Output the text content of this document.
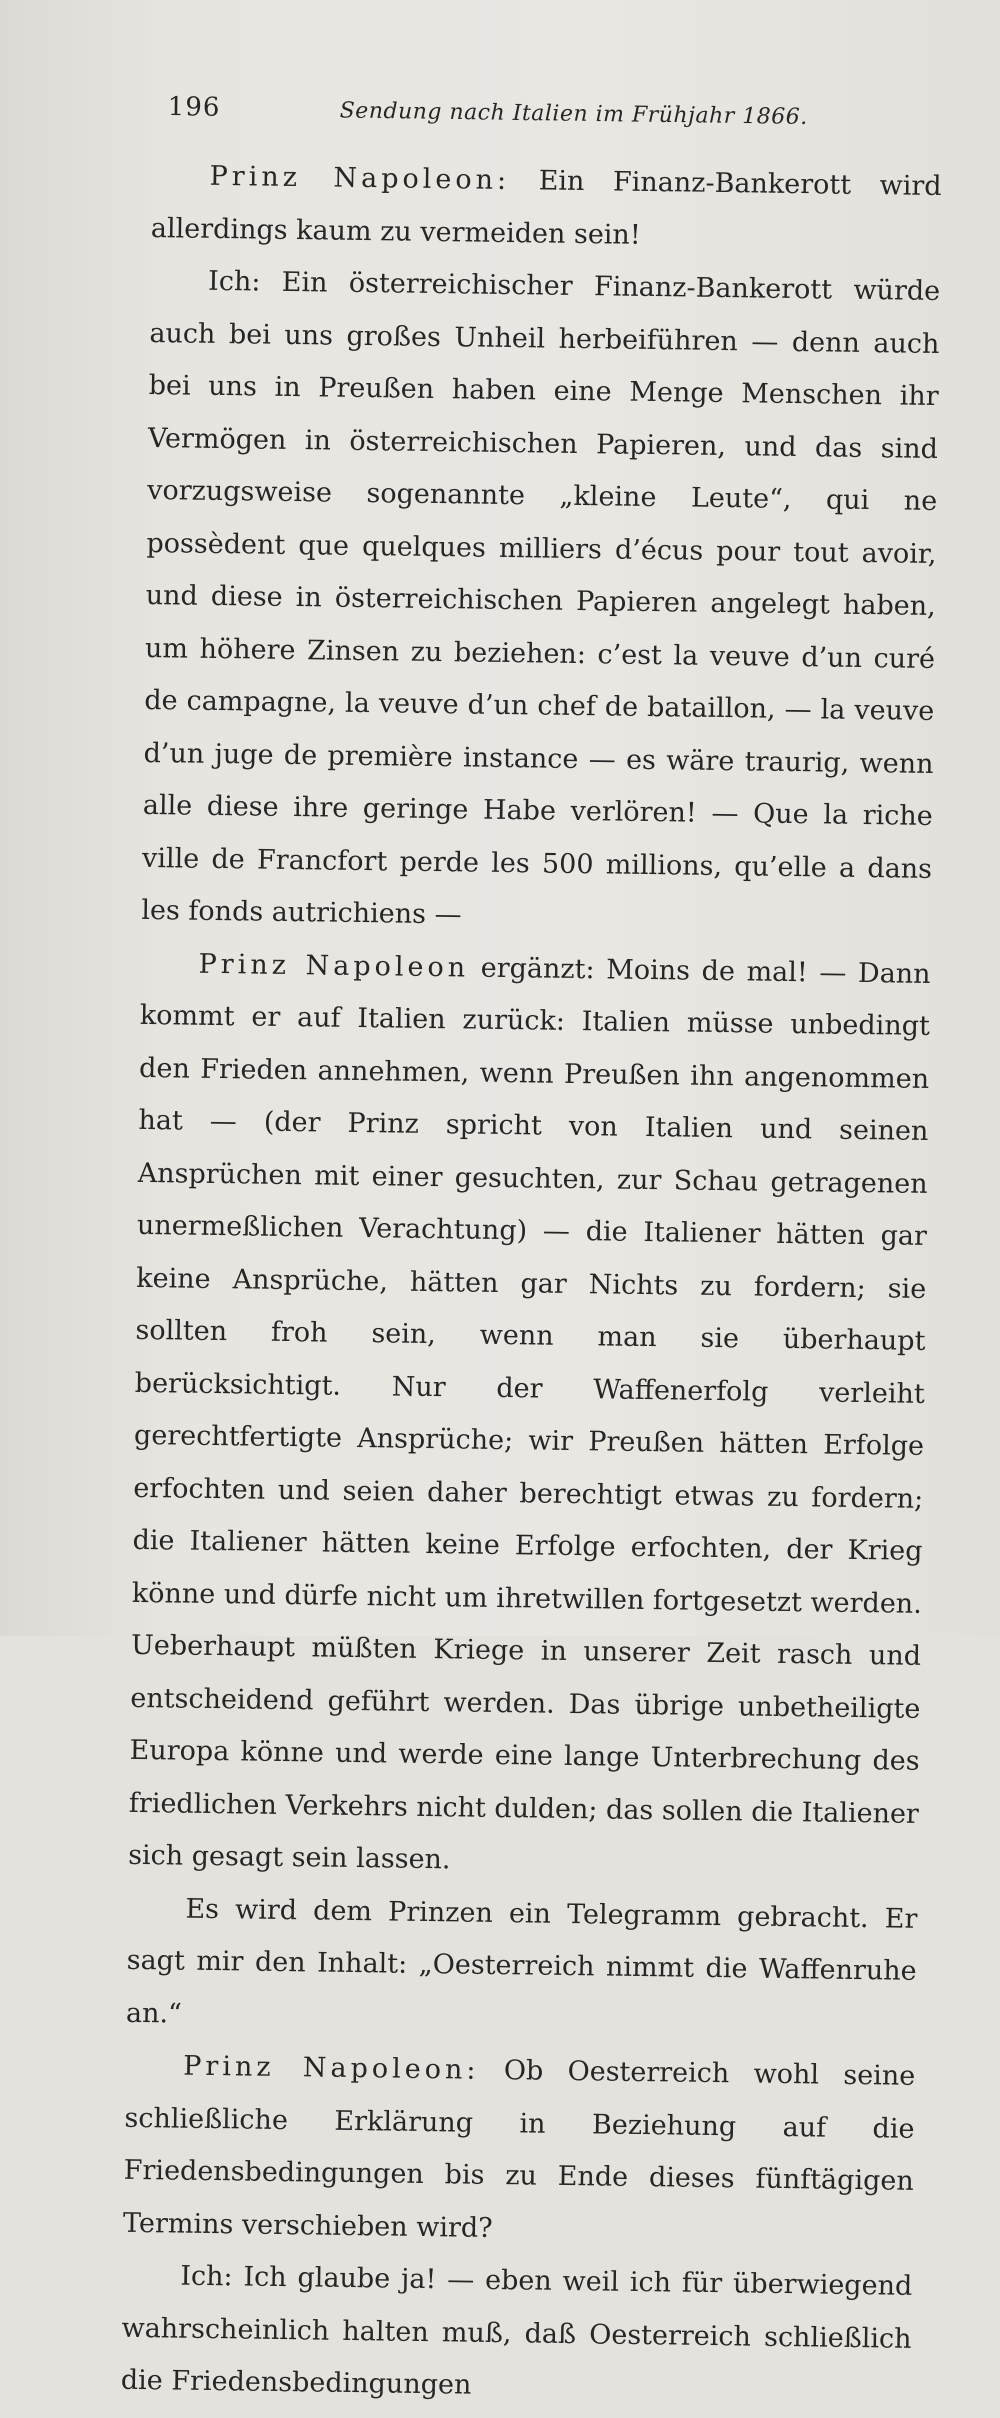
196	Sendung nach Italien im Frühjahr 1866.

Prinz Napoleon: Ein Finanz-Bankerott wird allerdings kaum zu vermeiden sein!

Ich: Ein österreichischer Finanz-Bankerott würde auch bei uns großes Unheil herbeiführen — denn auch bei uns in Preußen haben eine Menge Menschen ihr Vermögen in österreichischen Papieren, und das sind vorzugsweise sogenannte „kleine Leute“, qui ne possèdent que quelques milliers d’écus pour tout avoir, und diese in österreichischen Papieren angelegt haben, um höhere Zinsen zu beziehen: c’est la veuve d’un curé de campagne, la veuve d’un chef de bataillon, — la veuve d’un juge de première instance — es wäre traurig, wenn alle diese ihre geringe Habe verlören! — Que la riche ville de Francfort perde les 500 millions, qu’elle a dans les fonds autrichiens —

Prinz Napoleon ergänzt: Moins de mal! — Dann kommt er auf Italien zurück: Italien müsse unbedingt den Frieden annehmen, wenn Preußen ihn angenommen hat — (der Prinz spricht von Italien und seinen Ansprüchen mit einer gesuchten, zur Schau getragenen unermeßlichen Verachtung) — die Italiener hätten gar keine Ansprüche, hätten gar Nichts zu fordern; sie sollten froh sein, wenn man sie überhaupt berücksichtigt. Nur der Waffenerfolg verleiht gerechtfertigte Ansprüche; wir Preußen hätten Erfolge erfochten und seien daher berechtigt etwas zu fordern; die Italiener hätten keine Erfolge erfochten, der Krieg könne und dürfe nicht um ihretwillen fortgesetzt werden. Ueberhaupt müßten Kriege in unserer Zeit rasch und entscheidend geführt werden. Das übrige unbetheiligte Europa könne und werde eine lange Unterbrechung des friedlichen Verkehrs nicht dulden; das sollen die Italiener sich gesagt sein lassen.

Es wird dem Prinzen ein Telegramm gebracht. Er sagt mir den Inhalt: „Oesterreich nimmt die Waffenruhe an.“

Prinz Napoleon: Ob Oesterreich wohl seine schließliche Erklärung in Beziehung auf die Friedensbedingungen bis zu Ende dieses fünftägigen Termins verschieben wird?

Ich: Ich glaube ja! — eben weil ich für überwiegend wahrscheinlich halten muß, daß Oesterreich schließlich die Friedensbedingungen
